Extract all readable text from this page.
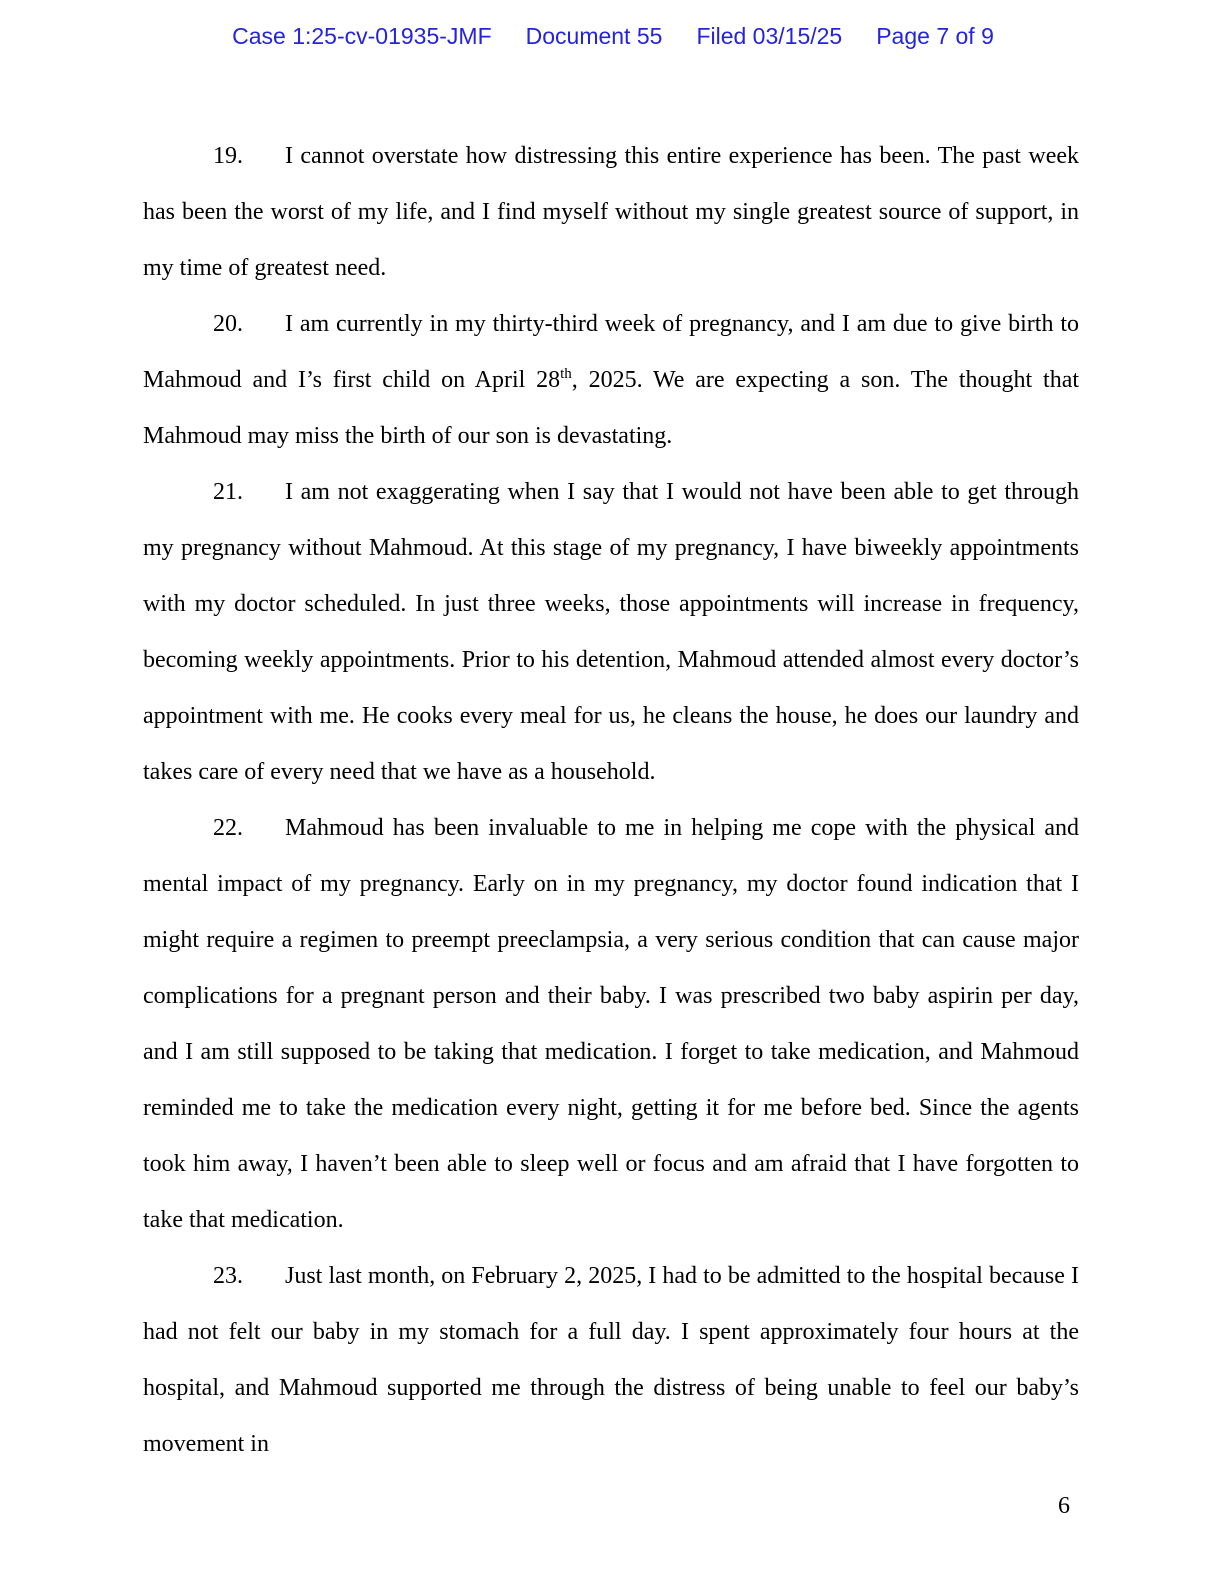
Case 1:25-cv-01935-JMF Document 55 Filed 03/15/25 Page 7 of 9

19. I cannot overstate how distressing this entire experience has been. The past week has been the worst of my life, and I find myself without my single greatest source of support, in my time of greatest need.

20. I am currently in my thirty-third week of pregnancy, and I am due to give birth to Mahmoud and I’s first child on April 28th, 2025. We are expecting a son. The thought that Mahmoud may miss the birth of our son is devastating.

21. I am not exaggerating when I say that I would not have been able to get through my pregnancy without Mahmoud. At this stage of my pregnancy, I have biweekly appointments with my doctor scheduled. In just three weeks, those appointments will increase in frequency, becoming weekly appointments. Prior to his detention, Mahmoud attended almost every doctor’s appointment with me. He cooks every meal for us, he cleans the house, he does our laundry and takes care of every need that we have as a household.

22. Mahmoud has been invaluable to me in helping me cope with the physical and mental impact of my pregnancy. Early on in my pregnancy, my doctor found indication that I might require a regimen to preempt preeclampsia, a very serious condition that can cause major complications for a pregnant person and their baby. I was prescribed two baby aspirin per day, and I am still supposed to be taking that medication. I forget to take medication, and Mahmoud reminded me to take the medication every night, getting it for me before bed. Since the agents took him away, I haven’t been able to sleep well or focus and am afraid that I have forgotten to take that medication.

23. Just last month, on February 2, 2025, I had to be admitted to the hospital because I had not felt our baby in my stomach for a full day. I spent approximately four hours at the hospital, and Mahmoud supported me through the distress of being unable to feel our baby’s movement in

6
